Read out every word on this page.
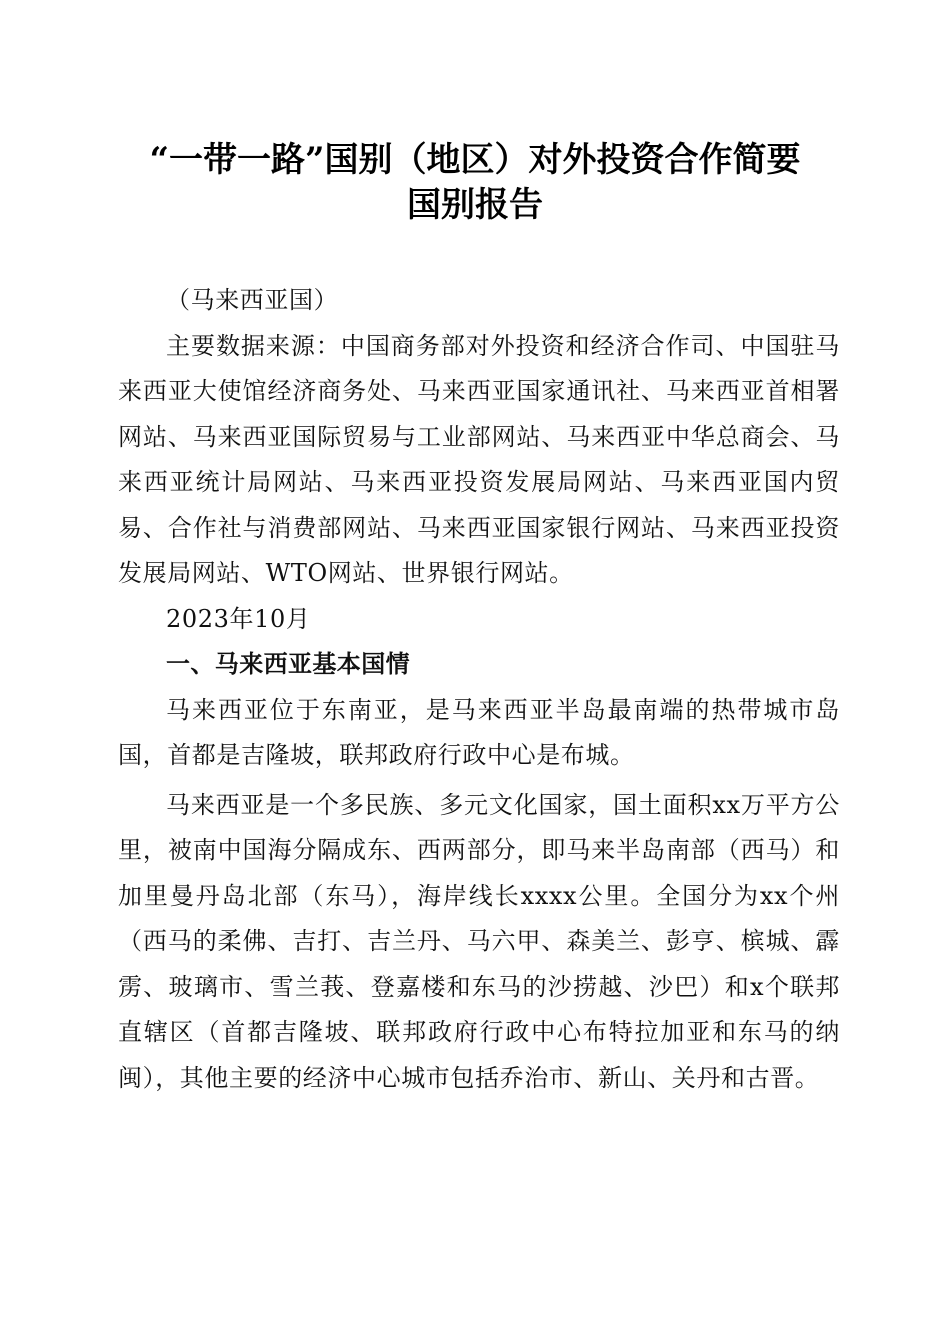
“一带一路”国别（地区）对外投资合作简要
国别报告

（马来西亚国）

主要数据来源：中国商务部对外投资和经济合作司、中国驻马来西亚大使馆经济商务处、马来西亚国家通讯社、马来西亚首相署网站、马来西亚国际贸易与工业部网站、马来西亚中华总商会、马来西亚统计局网站、马来西亚投资发展局网站、马来西亚国内贸易、合作社与消费部网站、马来西亚国家银行网站、马来西亚投资发展局网站、WTO网站、世界银行网站。

2023年10月

一、马来西亚基本国情

马来西亚位于东南亚，是马来西亚半岛最南端的热带城市岛国，首都是吉隆坡，联邦政府行政中心是布城。

马来西亚是一个多民族、多元文化国家，国土面积xx万平方公里，被南中国海分隔成东、西两部分，即马来半岛南部（西马）和加里曼丹岛北部（东马），海岸线长xxxx公里。全国分为xx个州（西马的柔佛、吉打、吉兰丹、马六甲、森美兰、彭亨、槟城、霹雳、玻璃市、雪兰莪、登嘉楼和东马的沙捞越、沙巴）和x个联邦直辖区（首都吉隆坡、联邦政府行政中心布特拉加亚和东马的纳闽），其他主要的经济中心城市包括乔治市、新山、关丹和古晋。
